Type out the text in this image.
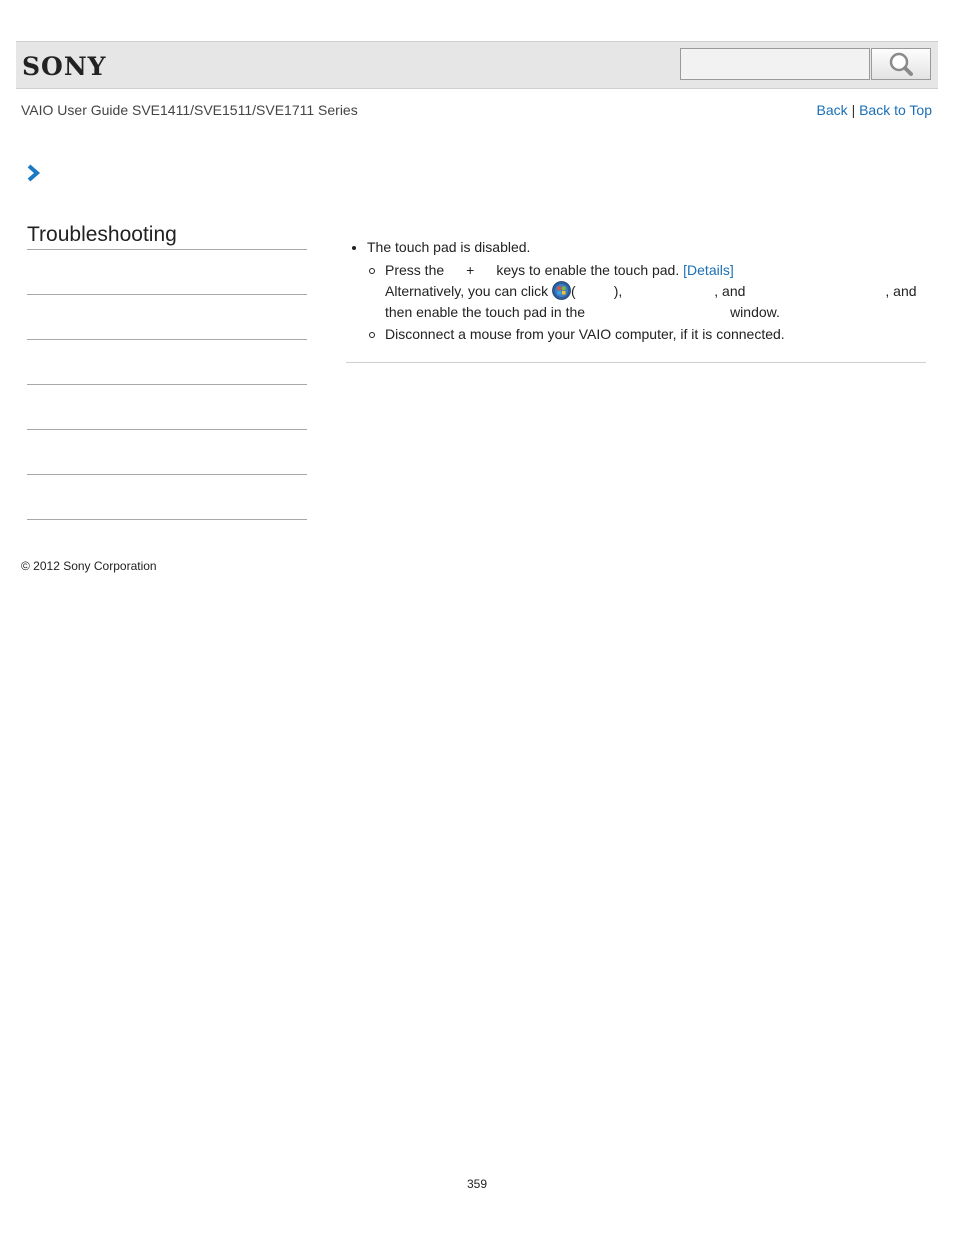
SONY
VAIO User Guide SVE1411/SVE1511/SVE1711 Series	Back | Back to Top
Troubleshooting
The touch pad is disabled.
Press the + keys to enable the touch pad. [Details]
Alternatively, you can click (	),	, and	, and
then enable the touch pad in the	window.
Disconnect a mouse from your VAIO computer, if it is connected.
© 2012 Sony Corporation
359
